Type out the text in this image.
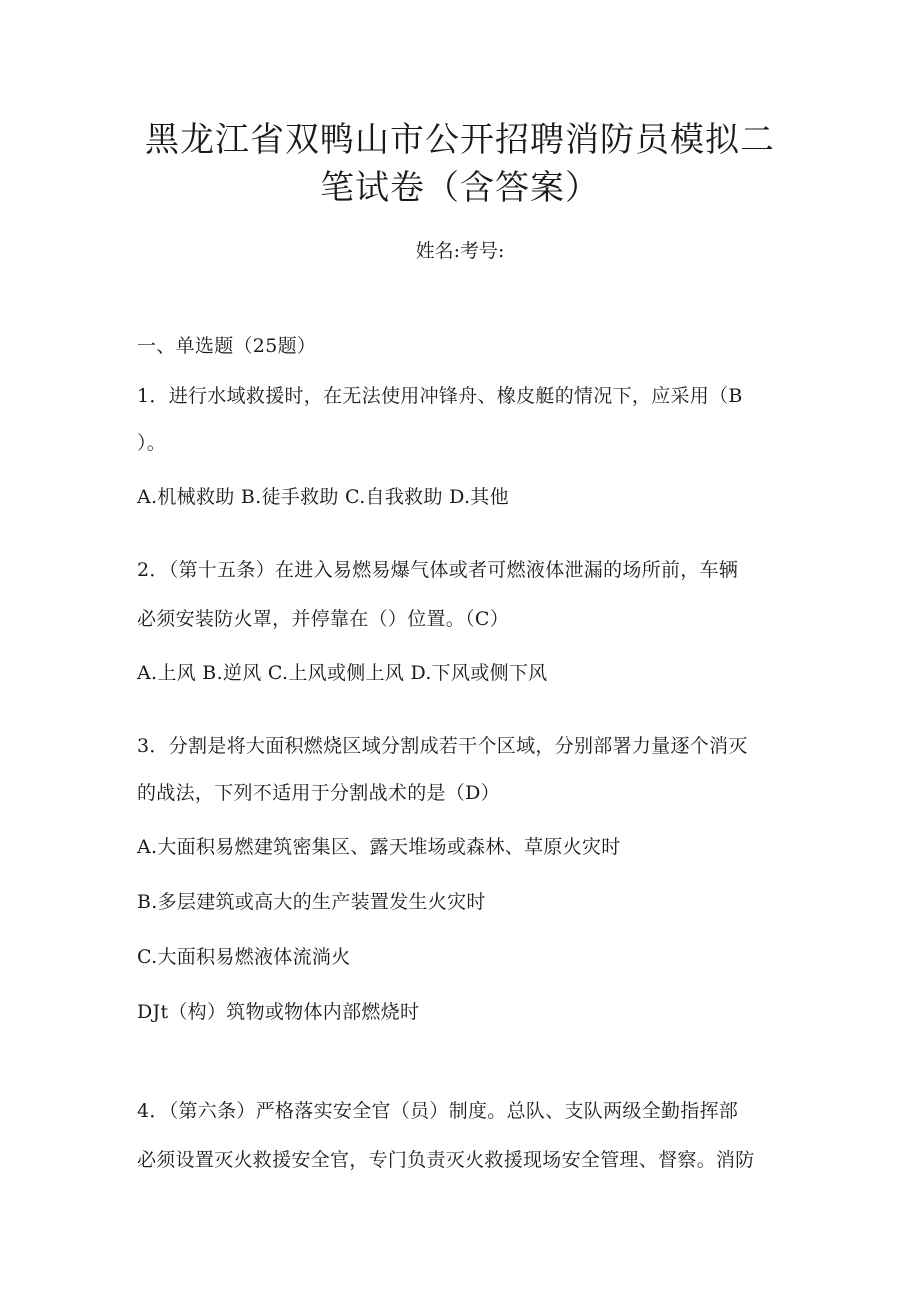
黑龙江省双鸭山市公开招聘消防员模拟二
笔试卷（含答案）
姓名:考号:
一、单选题（25题）
1．进行水域救援时，在无法使用冲锋舟、橡皮艇的情况下，应采用（B
）。
A.机械救助 B.徒手救助 C.自我救助 D.其他
2．（第十五条）在进入易燃易爆气体或者可燃液体泄漏的场所前，车辆
必须安装防火罩，并停靠在（）位置。（C）
A.上风 B.逆风 C.上风或侧上风 D.下风或侧下风
3．分割是将大面积燃烧区域分割成若干个区域，分别部署力量逐个消灭
的战法，下列不适用于分割战术的是（D）
A.大面积易燃建筑密集区、露天堆场或森林、草原火灾时
B.多层建筑或高大的生产装置发生火灾时
C.大面积易燃液体流淌火
DJt（构）筑物或物体内部燃烧时
4．（第六条）严格落实安全官（员）制度。总队、支队两级全勤指挥部
必须设置灭火救援安全官，专门负责灭火救援现场安全管理、督察。消防
